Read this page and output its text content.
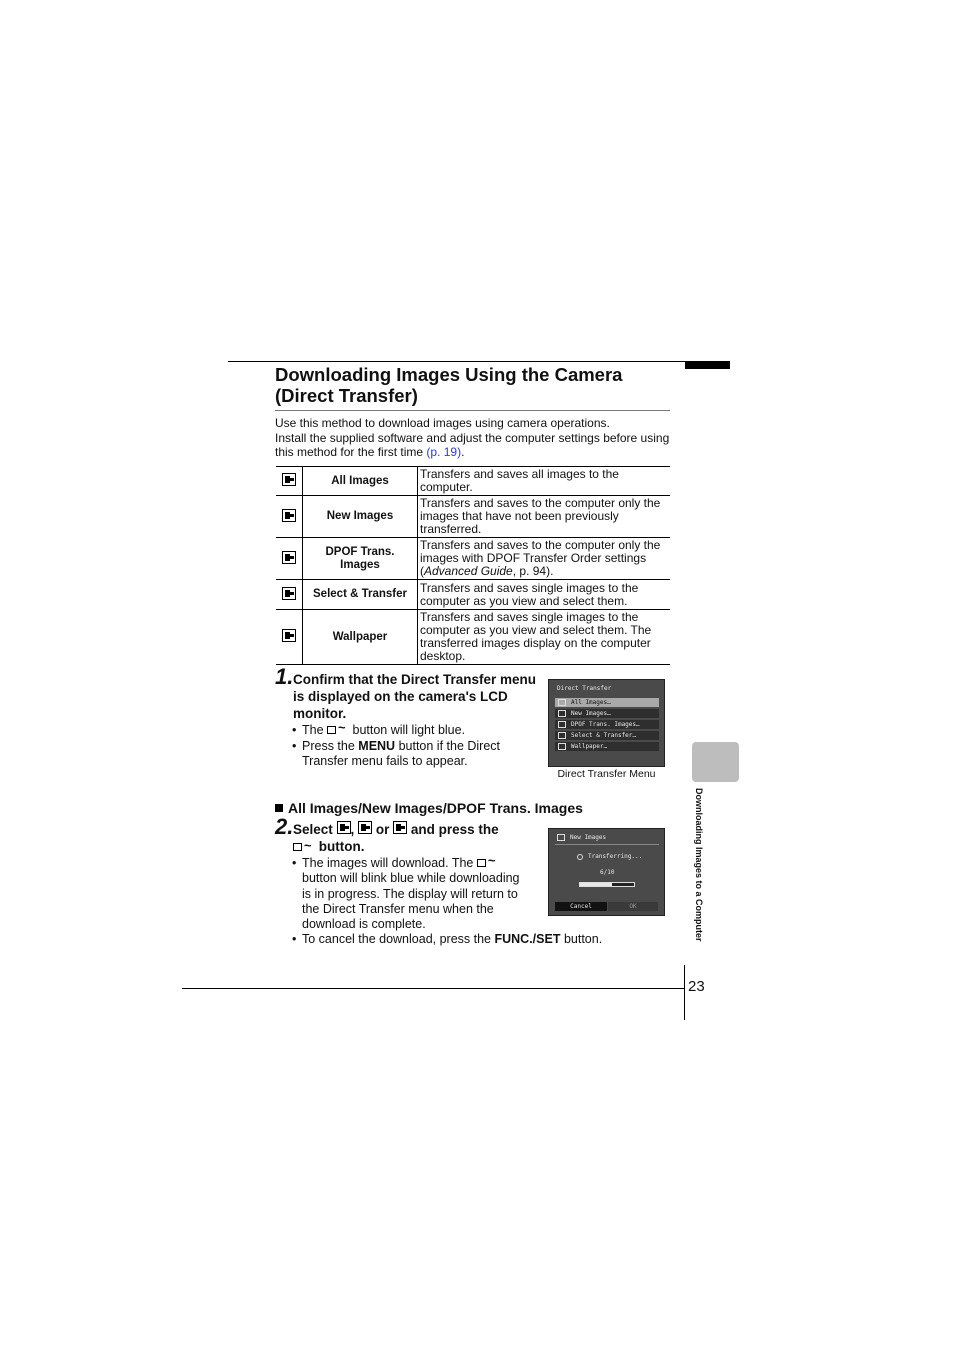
Downloading Images Using the Camera
(Direct Transfer)

Use this method to download images using camera operations.

Install the supplied software and adjust the computer settings before using
this method for the first time (p. 19).

	All Images	Transfers and saves all images to the computer.
	New Images	Transfers and saves to the computer only the images that have not been previously transferred.
	DPOF Trans.
Images	Transfers and saves to the computer only the images with DPOF Transfer Order settings (Advanced Guide, p. 94).
	Select & Transfer	Transfers and saves single images to the computer as you view and select them.
	Wallpaper	Transfers and saves single images to the computer as you view and select them. The transferred images display on the computer desktop.
1. Confirm that the Direct Transfer menu is displayed on the camera's LCD monitor.
• The ~ button will light blue.
• Press the MENU button if the Direct Transfer menu fails to appear.
Direct Transfer
All Images…
New Images…
DPOF Trans. Images…
Select & Transfer…
Wallpaper…
Direct Transfer Menu
All Images/New Images/DPOF Trans. Images
2. Select , or and press the
~ button.
• The images will download. The ~ button will blink blue while downloading is in progress. The display will return to the Direct Transfer menu when the download is complete.
• To cancel the download, press the FUNC./SET button.
New Images
Transferring...
6/10
Cancel	OK	Downloading Images to a Computer
23
